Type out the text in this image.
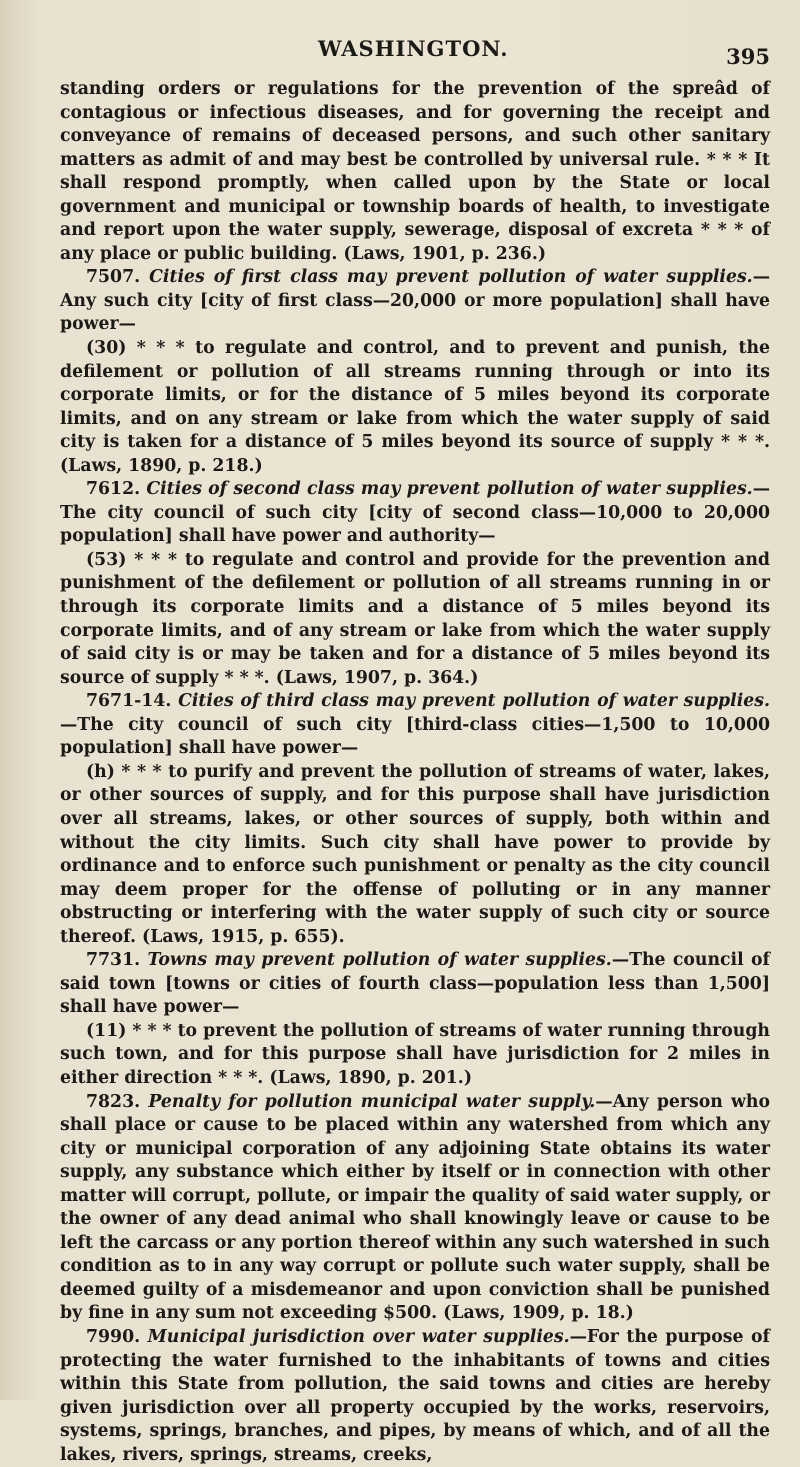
WASHINGTON.	395

standing orders or regulations for the prevention of the spreâd of contagious or infectious diseases, and for governing the receipt and conveyance of remains of deceased persons, and such other sanitary matters as admit of and may best be controlled by universal rule. * * * It shall respond promptly, when called upon by the State or local government and municipal or township boards of health, to investigate and report upon the water supply, sewerage, disposal of excreta * * * of any place or public building. (Laws, 1901, p. 236.)

7507. Cities of first class may prevent pollution of water supplies.—Any such city [city of first class—20,000 or more population] shall have power—

(30) * * * to regulate and control, and to prevent and punish, the defilement or pollution of all streams running through or into its corporate limits, or for the distance of 5 miles beyond its corporate limits, and on any stream or lake from which the water supply of said city is taken for a distance of 5 miles beyond its source of supply * * *. (Laws, 1890, p. 218.)

7612. Cities of second class may prevent pollution of water supplies.—The city council of such city [city of second class—10,000 to 20,000 population] shall have power and authority—

(53) * * * to regulate and control and provide for the prevention and punishment of the defilement or pollution of all streams running in or through its corporate limits and a distance of 5 miles beyond its corporate limits, and of any stream or lake from which the water supply of said city is or may be taken and for a distance of 5 miles beyond its source of supply * * *. (Laws, 1907, p. 364.)

7671-14. Cities of third class may prevent pollution of water supplies.—The city council of such city [third-class cities—1,500 to 10,000 population] shall have power—

(h) * * * to purify and prevent the pollution of streams of water, lakes, or other sources of supply, and for this purpose shall have jurisdiction over all streams, lakes, or other sources of supply, both within and without the city limits. Such city shall have power to provide by ordinance and to enforce such punishment or penalty as the city council may deem proper for the offense of polluting or in any manner obstructing or interfering with the water supply of such city or source thereof. (Laws, 1915, p. 655).

7731. Towns may prevent pollution of water supplies.—The council of said town [towns or cities of fourth class—population less than 1,500] shall have power—

(11) * * * to prevent the pollution of streams of water running through such town, and for this purpose shall have jurisdiction for 2 miles in either direction * * *. (Laws, 1890, p. 201.)

7823. Penalty for pollution municipal water supply.—Any person who shall place or cause to be placed within any watershed from which any city or municipal corporation of any adjoining State obtains its water supply, any substance which either by itself or in connection with other matter will corrupt, pollute, or impair the quality of said water supply, or the owner of any dead animal who shall knowingly leave or cause to be left the carcass or any portion thereof within any such watershed in such condition as to in any way corrupt or pollute such water supply, shall be deemed guilty of a misdemeanor and upon conviction shall be punished by fine in any sum not exceeding $500. (Laws, 1909, p. 18.)

7990. Municipal jurisdiction over water supplies.—For the purpose of protecting the water furnished to the inhabitants of towns and cities within this State from pollution, the said towns and cities are hereby given jurisdiction over all property occupied by the works, reservoirs, systems, springs, branches, and pipes, by means of which, and of all the lakes, rivers, springs, streams, creeks,
